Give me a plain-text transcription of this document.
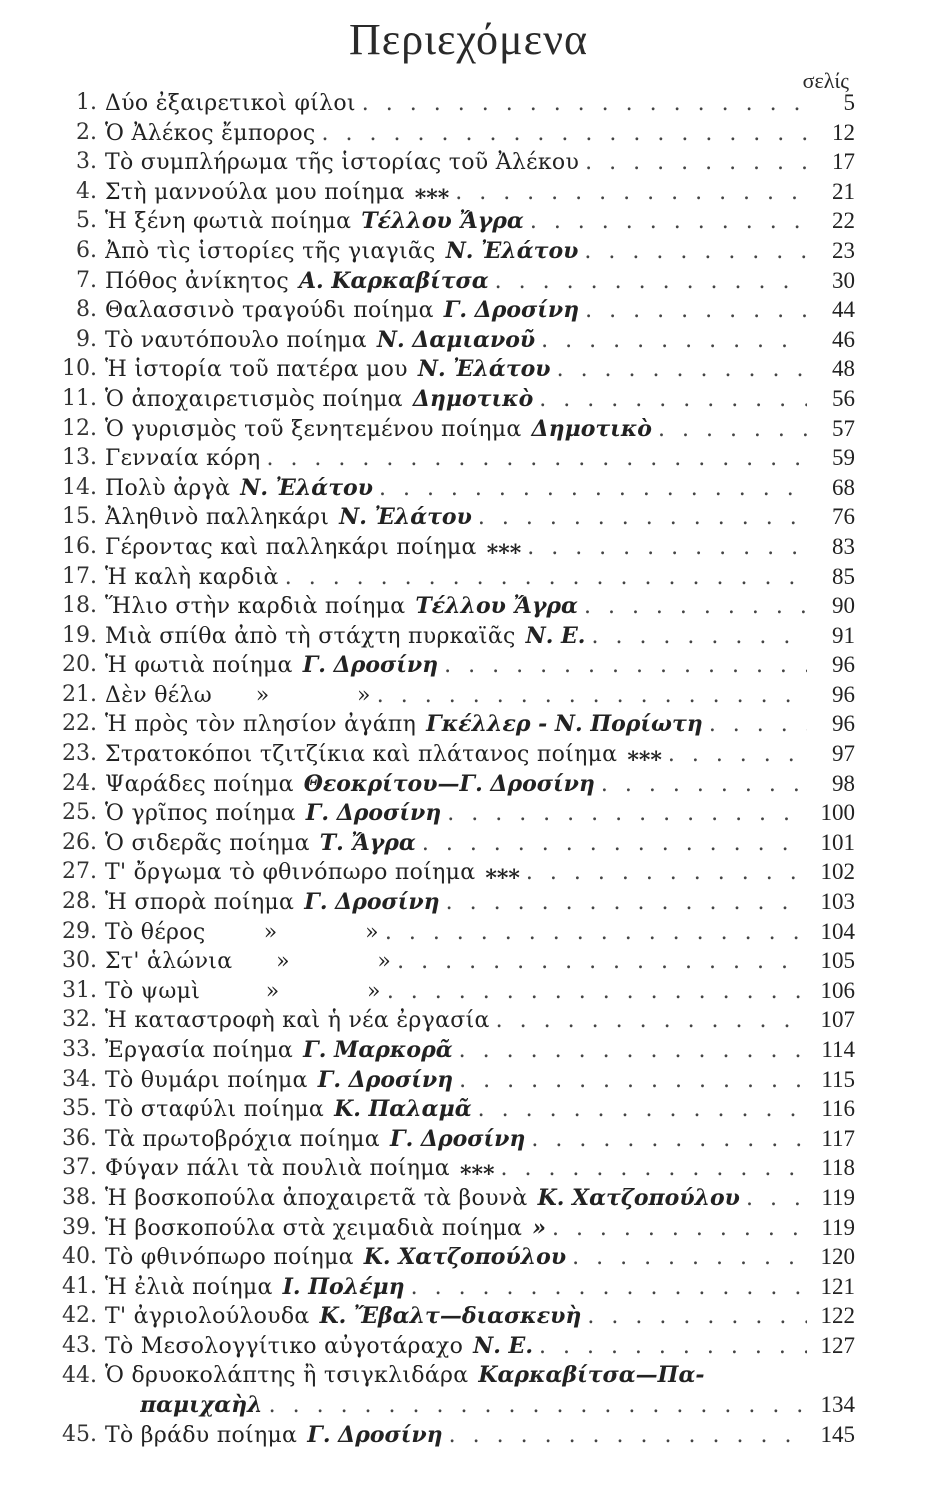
Περιεχόμενα
σελίς
1. Δύο ἐξαιρετικοὶ φίλοι . . .	5
2. Ὁ Ἀλέκος ἔμπορος . . .	12
3. Τὸ συμπλήρωμα τῆς ἱστορίας τοῦ Ἀλέκου . . .	17
4. Στὴ μαννούλα μου ποίημα ⁎⁎⁎ . . .	21
5. Ἡ ξένη φωτιὰ ποίημα Τέλλου Ἄγρα . . .	22
6. Ἀπὸ τὶς ἱστορίες τῆς γιαγιᾶς Ν. Ἐλάτου . . .	23
7. Πόθος ἀνίκητος Α. Καρκαβίτσα . . .	30
8. Θαλασσινὸ τραγούδι ποίημα Γ. Δροσίνη . . .	44
9. Τὸ ναυτόπουλο ποίημα Ν. Δαμιανοῦ . . .	46
10. Ἡ ἱστορία τοῦ πατέρα μου Ν. Ἐλάτου . . .	48
11. Ὁ ἀποχαιρετισμὸς ποίημα Δημοτικὸ . . .	56
12. Ὁ γυρισμὸς τοῦ ξενητεμένου ποίημα Δημοτικὸ . . .	57
13. Γενναία κόρη . . .	59
14. Πολὺ ἀργὰ Ν. Ἐλάτου . . .	68
15. Ἀληθινὸ παλληκάρι Ν. Ἐλάτου . . .	76
16. Γέροντας καὶ παλληκάρι ποίημα ⁎⁎⁎ . . .	83
17. Ἡ καλὴ καρδιὰ . . .	85
18. Ἥλιο στὴν καρδιὰ ποίημα Τέλλου Ἄγρα . . .	90
19. Μιὰ σπίθα ἀπὸ τὴ στάχτη πυρκαϊᾶς Ν. Ε. . . .	91
20. Ἡ φωτιὰ ποίημα Γ. Δροσίνη . . .	96
21. Δὲν θέλω      »            » . . .	96
22. Ἡ πρὸς τὸν πλησίον ἀγάπη Γκέλλερ - Ν. Πορίωτη . . .	96
23. Στρατοκόποι τζιτζίκια καὶ πλάτανος ποίημα ⁎⁎⁎ . . .	97
24. Ψαράδες ποίημα Θεοκρίτου—Γ. Δροσίνη . . .	98
25. Ὁ γρῖπος ποίημα Γ. Δροσίνη . . .	100
26. Ὁ σιδερᾶς ποίημα Τ. Ἄγρα . . .	101
27. Τ' ὄργωμα τὸ φθινόπωρο ποίημα ⁎⁎⁎ . . .	102
28. Ἡ σπορὰ ποίημα Γ. Δροσίνη . . .	103
29. Τὸ θέρος        »            » . . .	104
30. Στ' ἁλώνια      »            » . . .	105
31. Τὸ ψωμὶ         »            » . . .	106
32. Ἡ καταστροφὴ καὶ ἡ νέα ἐργασία . . .	107
33. Ἐργασία ποίημα Γ. Μαρκορᾶ . . .	114
34. Τὸ θυμάρι ποίημα Γ. Δροσίνη . . .	115
35. Τὸ σταφύλι ποίημα Κ. Παλαμᾶ . . .	116
36. Τὰ πρωτοβρόχια ποίημα Γ. Δροσίνη . . .	117
37. Φύγαν πάλι τὰ πουλιὰ ποίημα ⁎⁎⁎ . . .	118
38. Ἡ βοσκοπούλα ἀποχαιρετᾶ τὰ βουνὰ Κ. Χατζοπούλου . . .	119
39. Ἡ βοσκοπούλα στὰ χειμαδιὰ ποίημα » . . .	119
40. Τὸ φθινόπωρο ποίημα Κ. Χατζοπούλου . . .	120
41. Ἡ ἐλιὰ ποίημα Ι. Πολέμη . . .	121
42. Τ' ἀγριολούλουδα Κ. Ἔβαλτ—διασκευὴ . . .	122
43. Τὸ Μεσολογγίτικο αὐγοτάραχο Ν. Ε. . . .	127
44. Ὁ δρυοκολάπτης ἢ τσιγκλιδάρα Καρκαβίτσα—Πα-
παμιχαὴλ . . .	134
45. Τὸ βράδυ ποίημα Γ. Δροσίνη . . .	145
